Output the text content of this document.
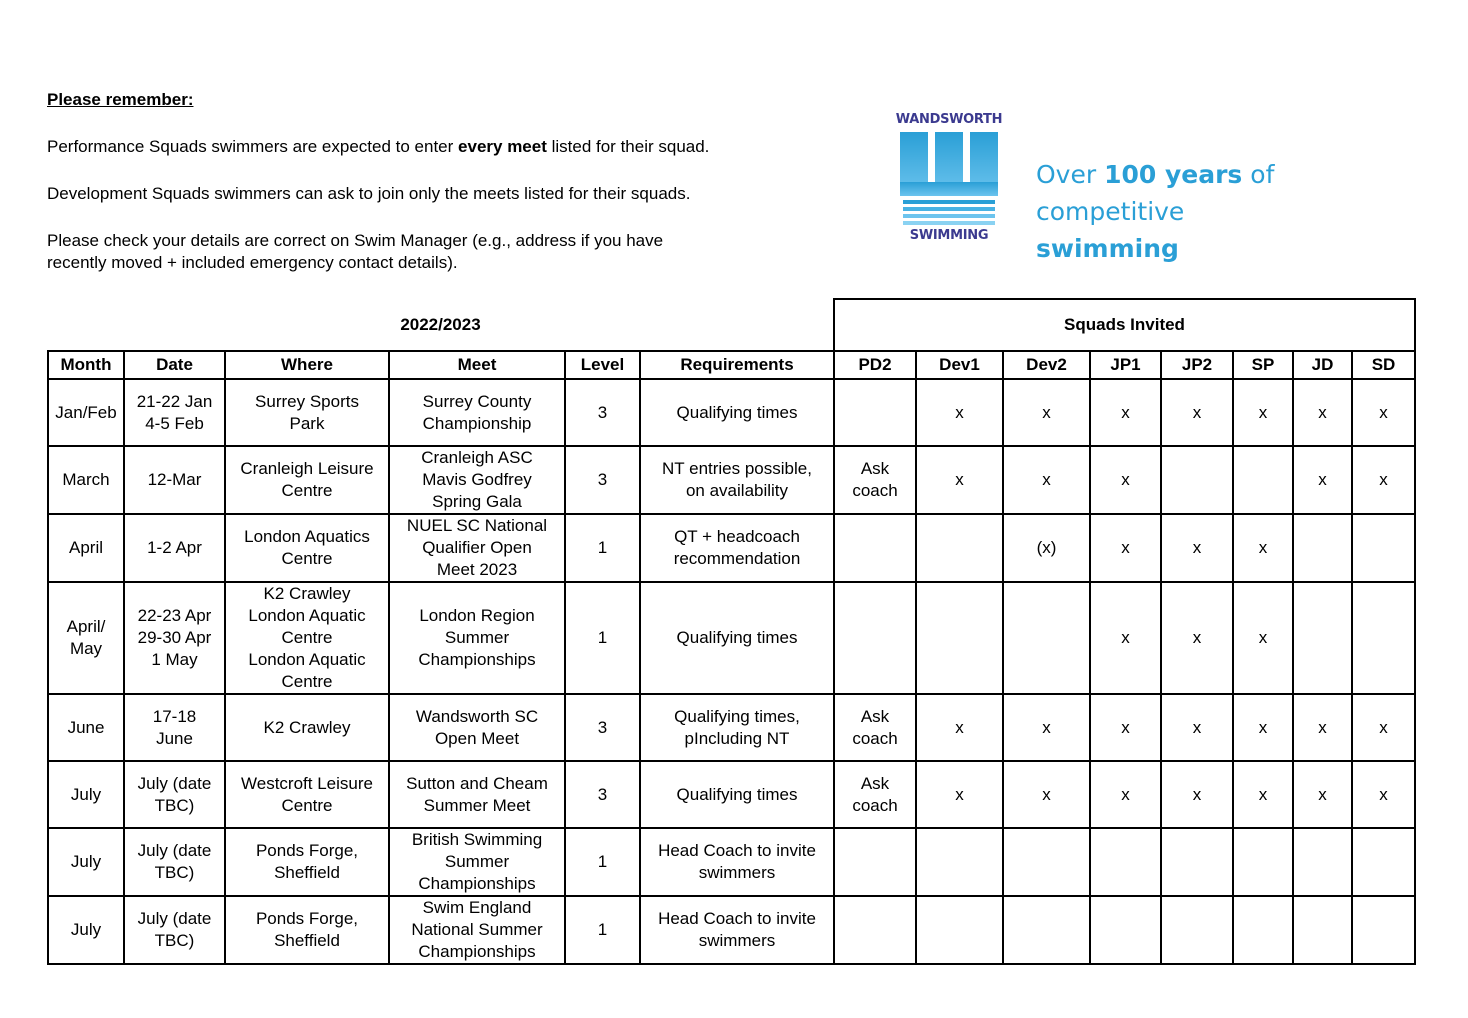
Please remember:

Performance Squads swimmers are expected to enter every meet listed for their squad.

Development Squads swimmers can ask to join only the meets listed for their squads.

Please check your details are correct on Swim Manager (e.g., address if you have recently moved + included emergency contact details).

WANDSWORTH
SWIMMING
Over 100 years of
competitive swimming
2022/2023						Squads Invited							
Month	Date	Where	Meet	Level	Requirements	PD2	Dev1	Dev2	JP1	JP2	SP	JD	SD
Jan/Feb	21-22 Jan
4-5 Feb	Surrey Sports
Park	Surrey County
Championship	3	Qualifying times		x	x	x	x	x	x	x
March	12-Mar	Cranleigh Leisure
Centre	Cranleigh ASC
Mavis Godfrey
Spring Gala	3	NT entries possible,
on availability	Ask
coach	x	x	x			x	x
April	1-2 Apr	London Aquatics
Centre	NUEL SC National
Qualifier Open
Meet 2023	1	QT + headcoach
recommendation			(x)	x	x	x		
April/
May	22-23 Apr
29-30 Apr
1 May	K2 Crawley
London Aquatic
Centre
London Aquatic
Centre	London Region
Summer
Championships	1	Qualifying times				x	x	x		
June	17-18
June	K2 Crawley	Wandsworth SC
Open Meet	3	Qualifying times,
pIncluding NT	Ask
coach	x	x	x	x	x	x	x
July	July (date
TBC)	Westcroft Leisure
Centre	Sutton and Cheam
Summer Meet	3	Qualifying times	Ask
coach	x	x	x	x	x	x	x
July	July (date
TBC)	Ponds Forge,
Sheffield	British Swimming
Summer
Championships	1	Head Coach to invite
swimmers								
July	July (date
TBC)	Ponds Forge,
Sheffield	Swim England
National Summer
Championships	1	Head Coach to invite
swimmers								
